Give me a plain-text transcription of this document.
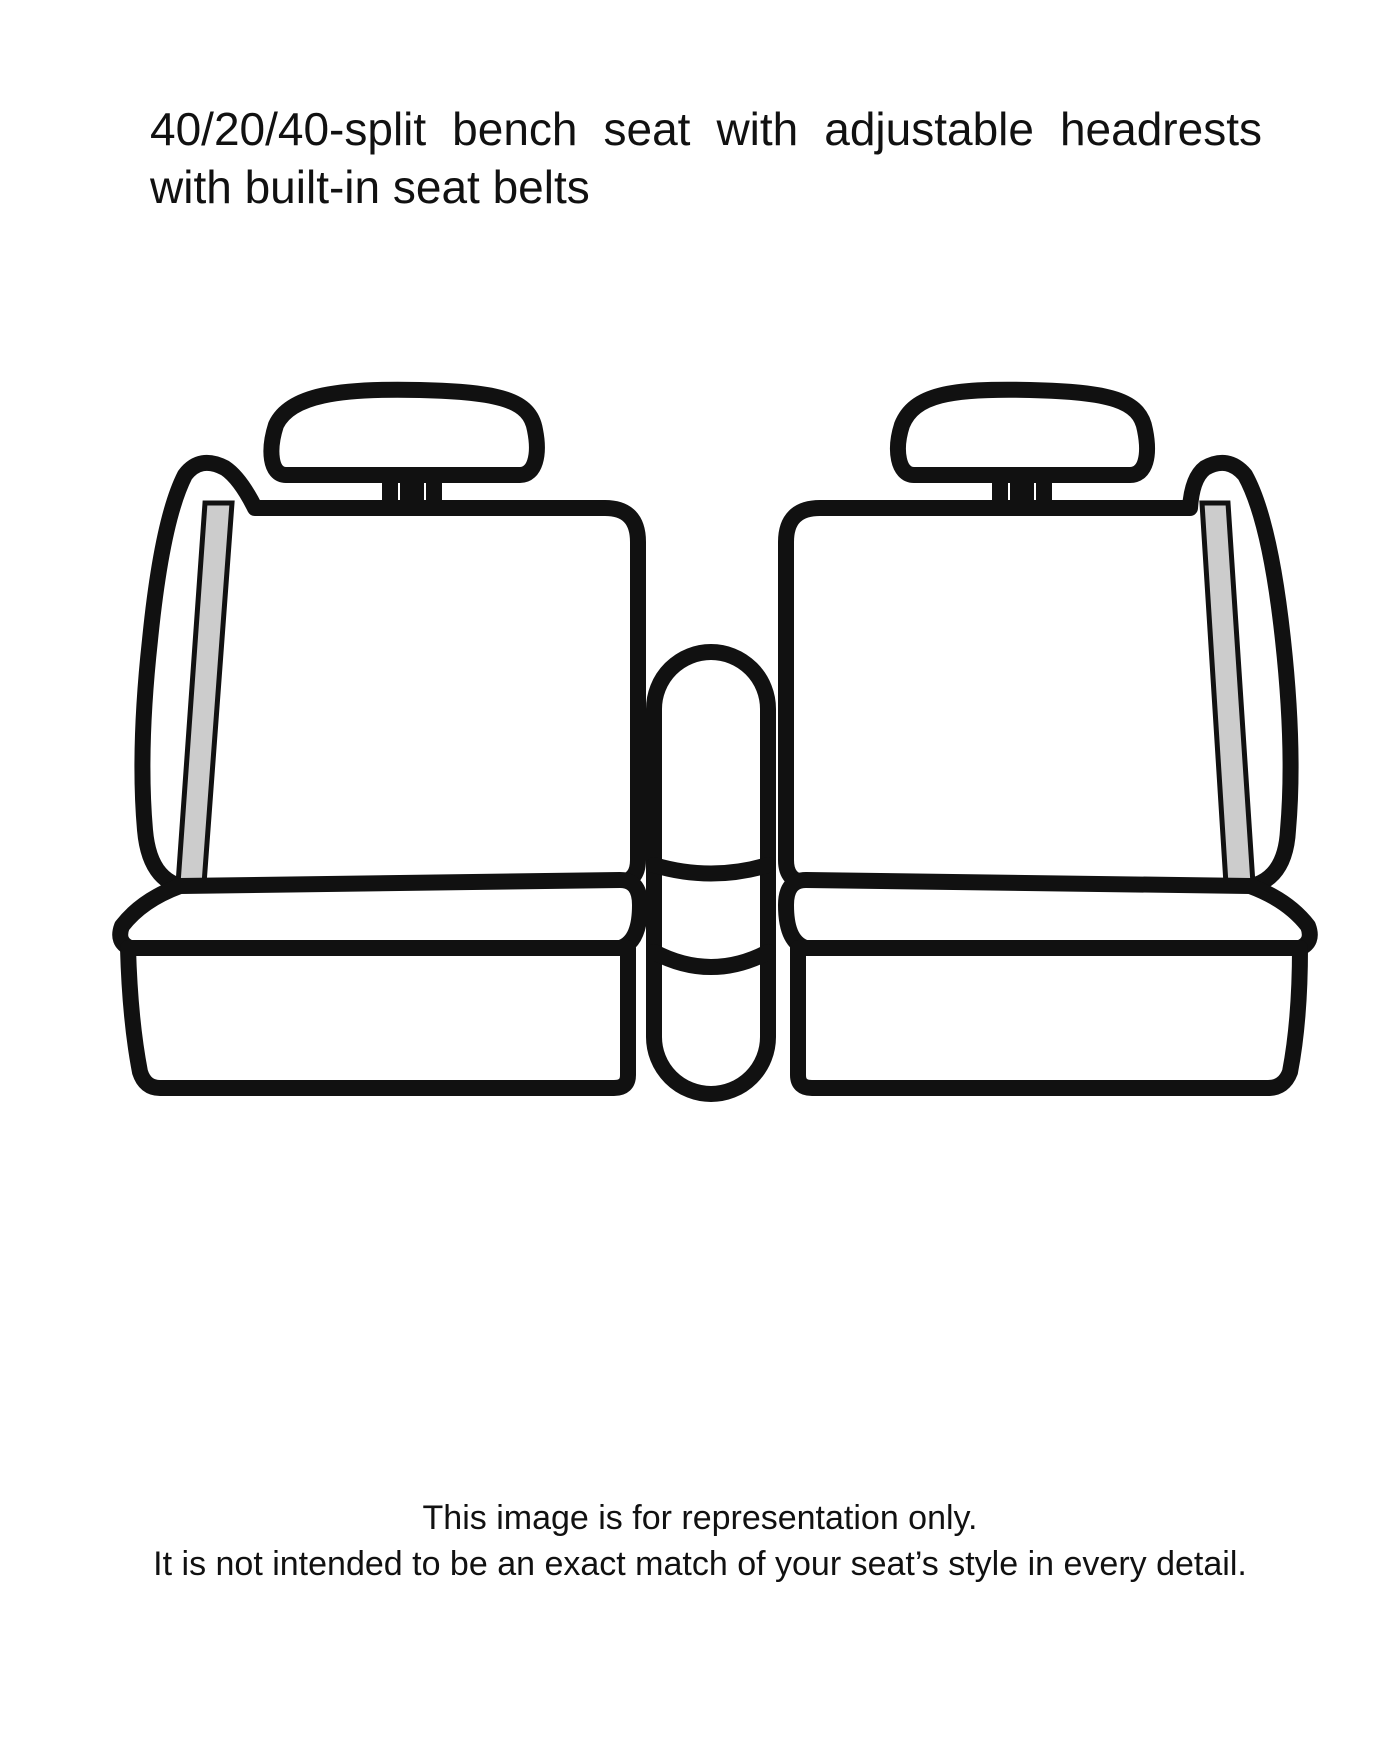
40/20/40-split bench seat with adjustable headrests with built-in seat belts
This image is for representation only.
It is not intended to be an exact match of your seat’s style in every detail.
